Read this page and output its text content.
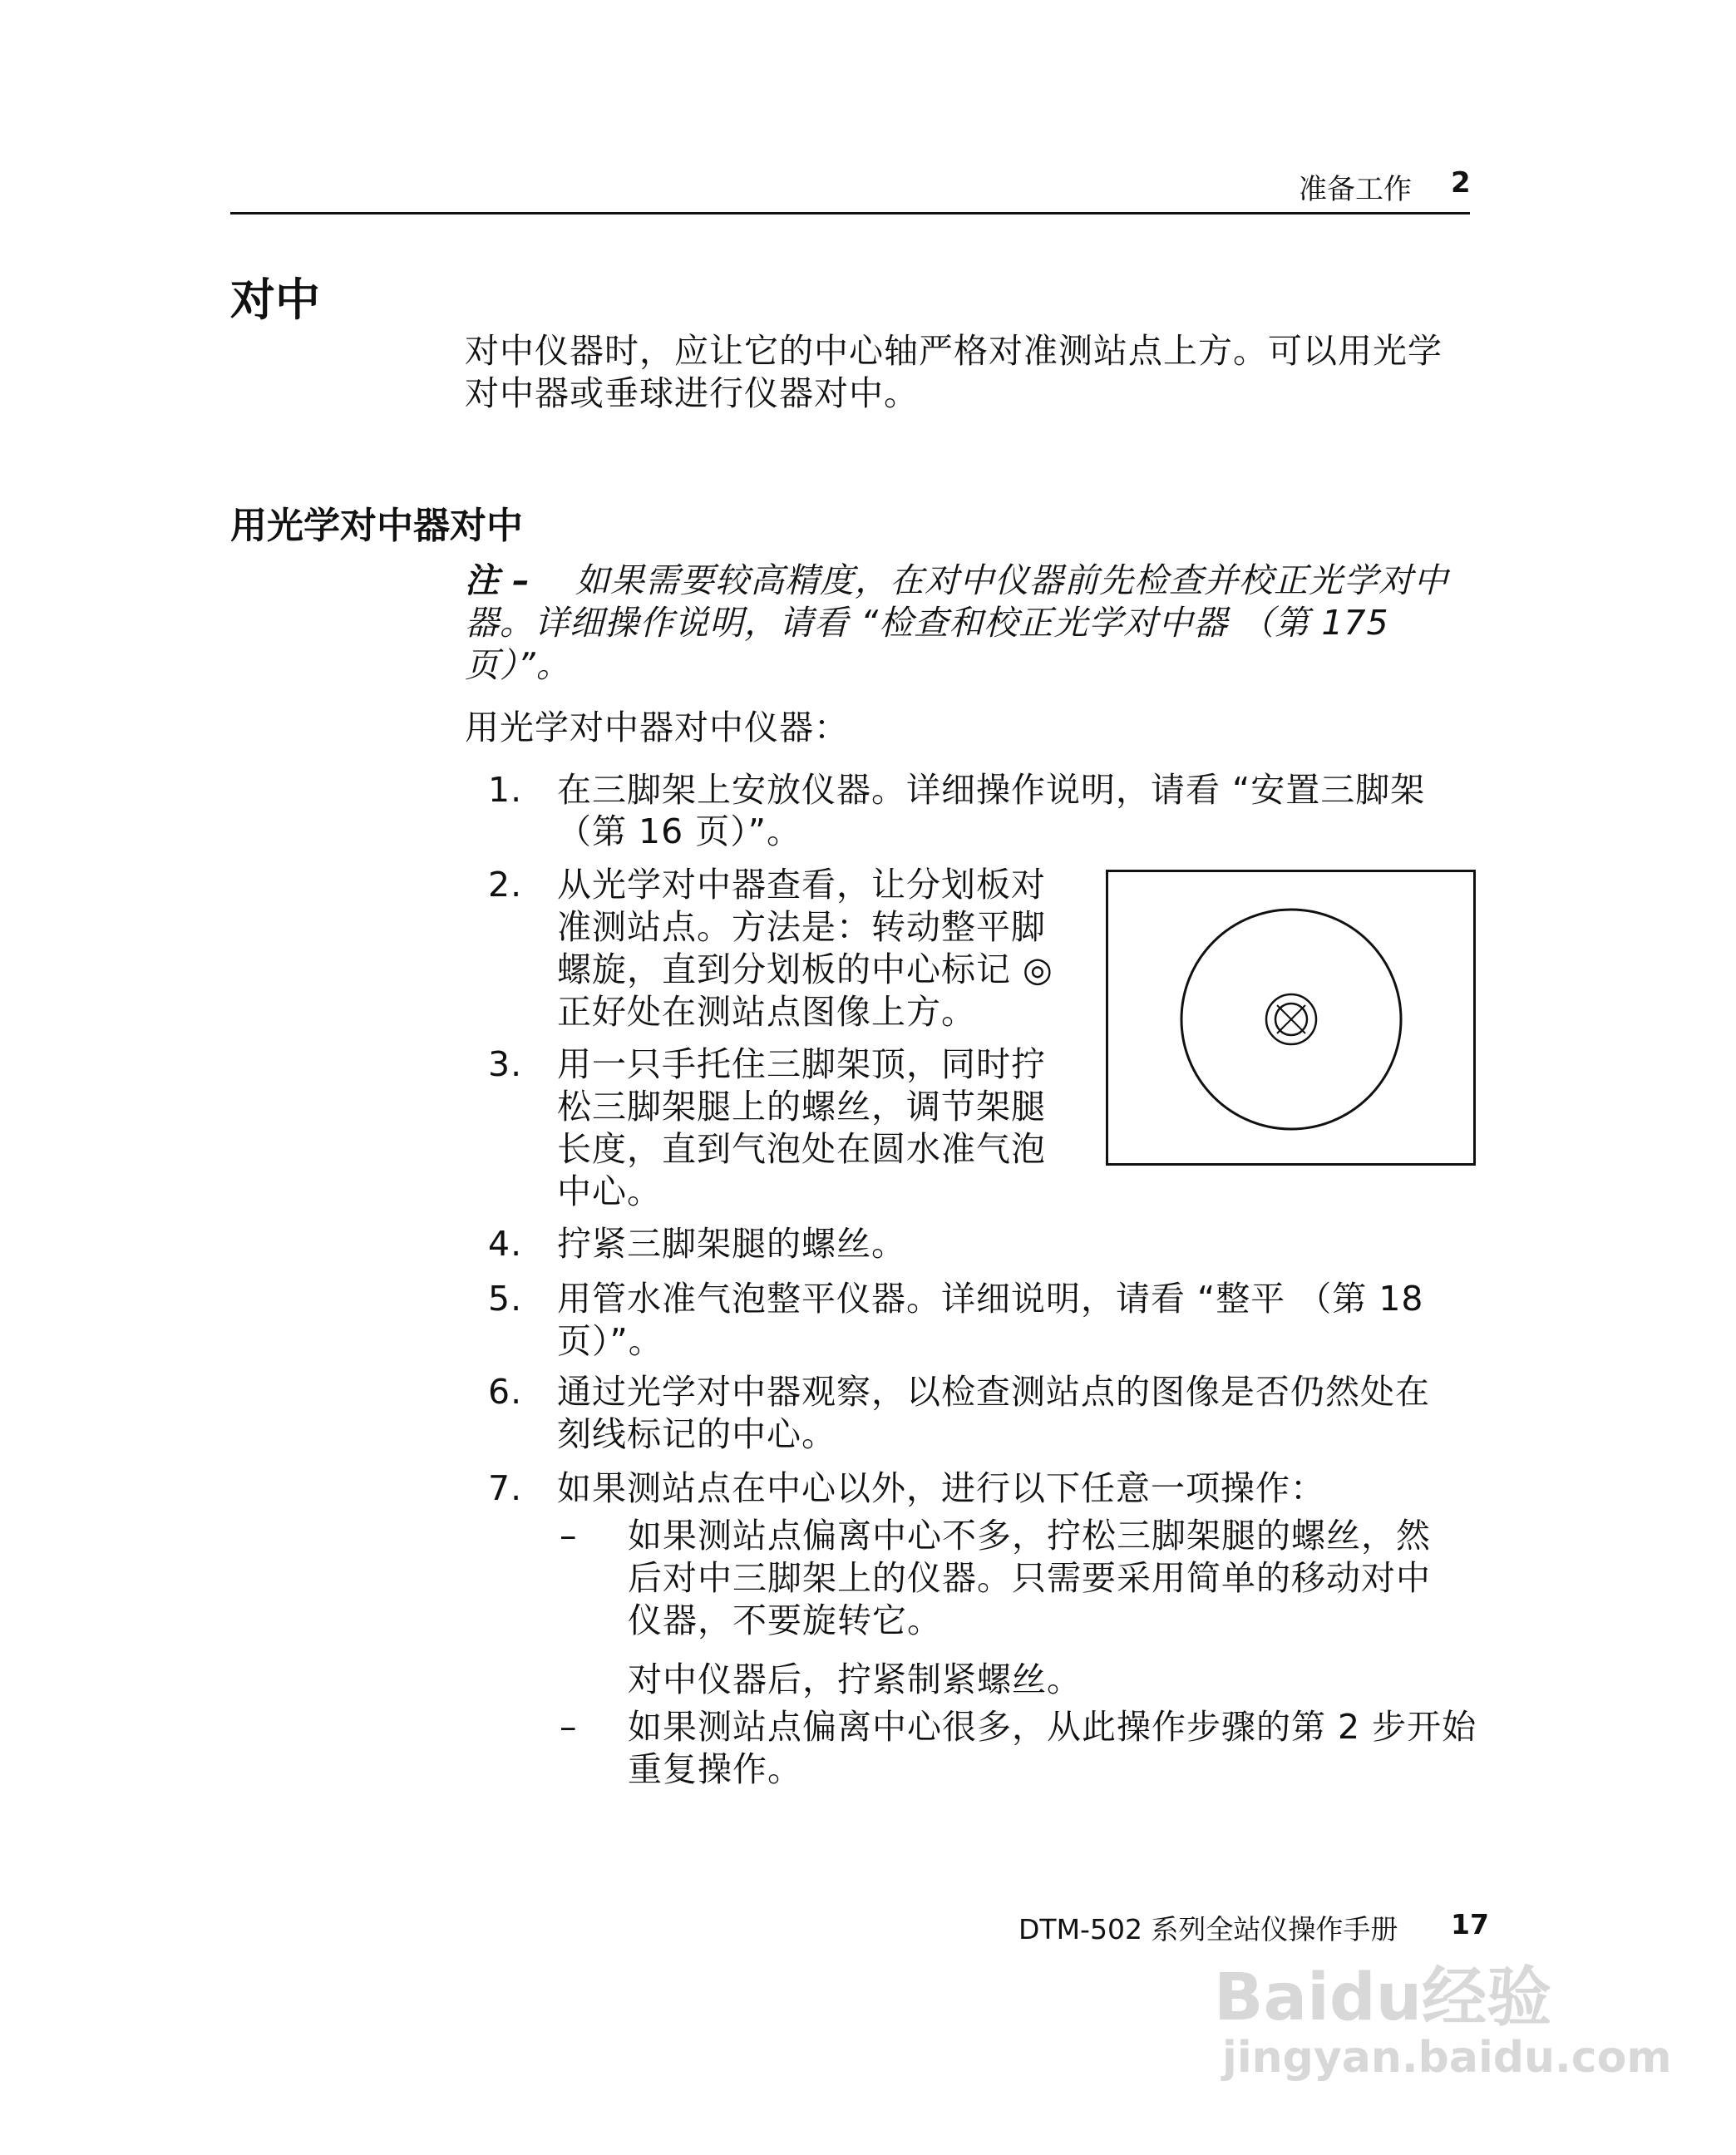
准备工作 2
对中
对中仪器时，应让它的中心轴严格对准测站点上方。可以用光学
对中器或垂球进行仪器对中。
用光学对中器对中
注 – 如果需要较高精度，在对中仪器前先检查并校正光学对中
器。详细操作说明，请看 “检查和校正光学对中器 （第 175
页）”。
用光学对中器对中仪器：
1. 在三脚架上安放仪器。详细操作说明，请看 “安置三脚架
（第 16 页）”。
2. 从光学对中器查看，让分划板对
准测站点。方法是：转动整平脚
螺旋，直到分划板的中心标记 ◎
正好处在测站点图像上方。
3. 用一只手托住三脚架顶，同时拧
松三脚架腿上的螺丝，调节架腿
长度，直到气泡处在圆水准气泡
中心。
4. 拧紧三脚架腿的螺丝。
5. 用管水准气泡整平仪器。详细说明，请看 “整平 （第 18
页）”。
6. 通过光学对中器观察，以检查测站点的图像是否仍然处在
刻线标记的中心。
7. 如果测站点在中心以外，进行以下任意一项操作：
– 如果测站点偏离中心不多，拧松三脚架腿的螺丝，然
后对中三脚架上的仪器。只需要采用简单的移动对中
仪器，不要旋转它。
对中仪器后，拧紧制紧螺丝。
– 如果测站点偏离中心很多，从此操作步骤的第 2 步开始
重复操作。
DTM-502 系列全站仪操作手册 17
Baidu经验
jingyan.baidu.com
